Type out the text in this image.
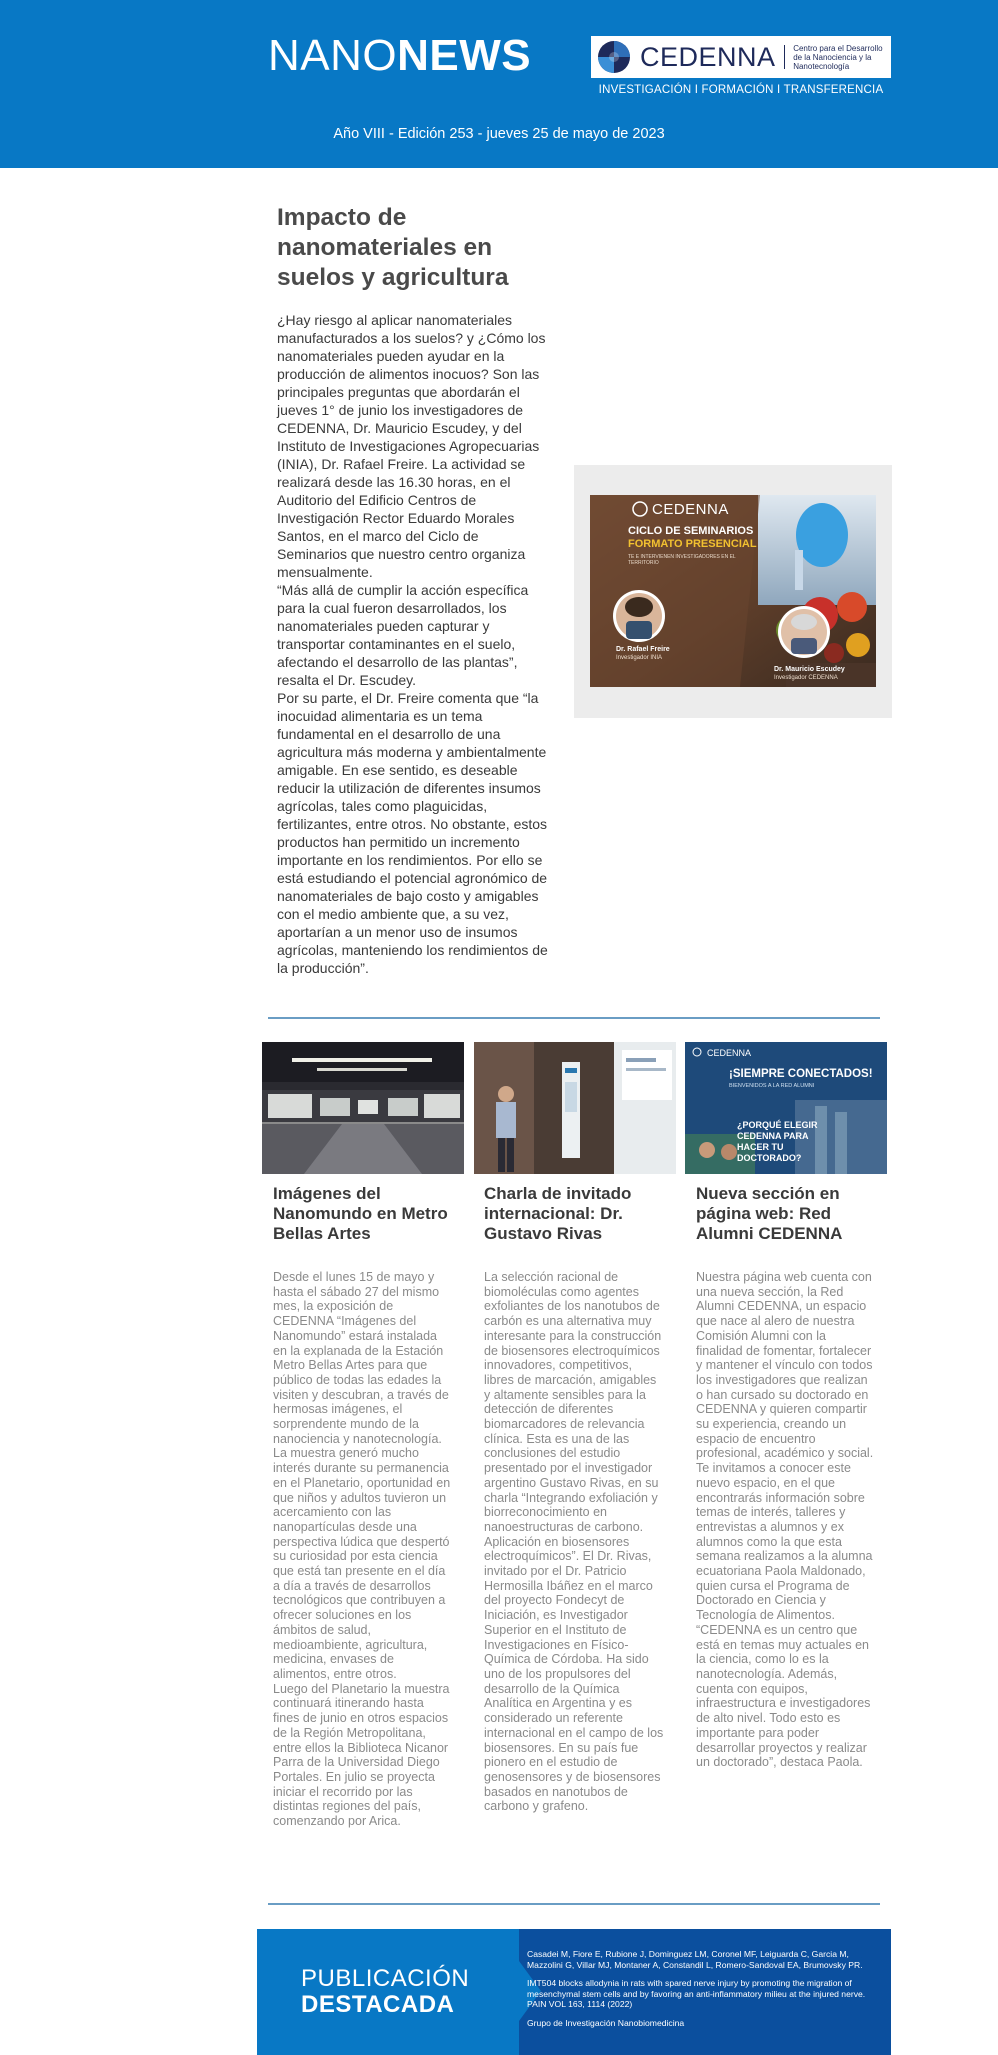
NANONEWS	CEDENNA Centro para el Desarrollo de la Nanociencia y la Nanotecnología
INVESTIGACIÓN I FORMACIÓN I TRANSFERENCIA
Año VIII - Edición 253 - jueves 25 de mayo de 2023
Impacto de nanomateriales en suelos y agricultura

¿Hay riesgo al aplicar nanomateriales manufacturados a los suelos? y ¿Cómo los nanomateriales pueden ayudar en la producción de alimentos inocuos? Son las principales preguntas que abordarán el jueves 1° de junio los investigadores de CEDENNA, Dr. Mauricio Escudey, y del Instituto de Investigaciones Agropecuarias (INIA), Dr. Rafael Freire. La actividad se realizará desde las 16.30 horas, en el Auditorio del Edificio Centros de Investigación Rector Eduardo Morales Santos, en el marco del Ciclo de Seminarios que nuestro centro organiza mensualmente.

“Más allá de cumplir la acción específica para la cual fueron desarrollados, los nanomateriales pueden capturar y transportar contaminantes en el suelo, afectando el desarrollo de las plantas”, resalta el Dr. Escudey.

Por su parte, el Dr. Freire comenta que “la inocuidad alimentaria es un tema fundamental en el desarrollo de una agricultura más moderna y ambientalmente amigable. En ese sentido, es deseable reducir la utilización de diferentes insumos agrícolas, tales como plaguicidas, fertilizantes, entre otros. No obstante, estos productos han permitido un incremento importante en los rendimientos. Por ello se está estudiando el potencial agronómico de nanomateriales de bajo costo y amigables con el medio ambiente que, a su vez, aportarían a un menor uso de insumos agrícolas, manteniendo los rendimientos de la producción”.

CEDENNA
CICLO DE SEMINARIOS
FORMATO PRESENCIAL
TE E INTERVIENEN INVESTIGADORES EN EL TERRITORIO
Dr. Rafael Freire
Investigador INIA
Dr. Mauricio Escudey
Investigador CEDENNA
Imágenes del Nanomundo en Metro Bellas Artes

Desde el lunes 15 de mayo y hasta el sábado 27 del mismo mes, la exposición de CEDENNA “Imágenes del Nanomundo” estará instalada en la explanada de la Estación Metro Bellas Artes para que público de todas las edades la visiten y descubran, a través de hermosas imágenes, el sorprendente mundo de la nanociencia y nanotecnología. La muestra generó mucho interés durante su permanencia en el Planetario, oportunidad en que niños y adultos tuvieron un acercamiento con las nanopartículas desde una perspectiva lúdica que despertó su curiosidad por esta ciencia que está tan presente en el día a día a través de desarrollos tecnológicos que contribuyen a ofrecer soluciones en los ámbitos de salud, medioambiente, agricultura, medicina, envases de alimentos, entre otros.

Luego del Planetario la muestra continuará itinerando hasta fines de junio en otros espacios de la Región Metropolitana, entre ellos la Biblioteca Nicanor Parra de la Universidad Diego Portales. En julio se proyecta iniciar el recorrido por las distintas regiones del país, comenzando por Arica.

Charla de invitado internacional: Dr. Gustavo Rivas

La selección racional de biomoléculas como agentes exfoliantes de los nanotubos de carbón es una alternativa muy interesante para la construcción de biosensores electroquímicos innovadores, competitivos, libres de marcación, amigables y altamente sensibles para la detección de diferentes biomarcadores de relevancia clínica. Esta es una de las conclusiones del estudio presentado por el investigador argentino Gustavo Rivas, en su charla “Integrando exfoliación y biorreconocimiento en nanoestructuras de carbono. Aplicación en biosensores electroquímicos”. El Dr. Rivas, invitado por el Dr. Patricio Hermosilla Ibáñez en el marco del proyecto Fondecyt de Iniciación, es Investigador Superior en el Instituto de Investigaciones en Físico-Química de Córdoba. Ha sido uno de los propulsores del desarrollo de la Química Analítica en Argentina y es considerado un referente internacional en el campo de los biosensores. En su país fue pionero en el estudio de genosensores y de biosensores basados en nanotubos de carbono y grafeno.

CEDENNA
¡SIEMPRE CONECTADOS!
BIENVENIDOS A LA RED ALUMNI
¿PORQUÉ ELEGIR CEDENNA PARA HACER TU DOCTORADO?
Nueva sección en página web: Red Alumni CEDENNA

Nuestra página web cuenta con una nueva sección, la Red Alumni CEDENNA, un espacio que nace al alero de nuestra Comisión Alumni con la finalidad de fomentar, fortalecer y mantener el vínculo con todos los investigadores que realizan o han cursado su doctorado en CEDENNA y quieren compartir su experiencia, creando un espacio de encuentro profesional, académico y social.

Te invitamos a conocer este nuevo espacio, en el que encontrarás información sobre temas de interés, talleres y entrevistas a alumnos y ex alumnos como la que esta semana realizamos a la alumna ecuatoriana Paola Maldonado, quien cursa el Programa de Doctorado en Ciencia y Tecnología de Alimentos. “CEDENNA es un centro que está en temas muy actuales en la ciencia, como lo es la nanotecnología. Además, cuenta con equipos, infraestructura e investigadores de alto nivel. Todo esto es importante para poder desarrollar proyectos y realizar un doctorado”, destaca Paola.

PUBLICACIÓN
DESTACADA

Casadei M, Fiore E, Rubione J, Dominguez LM, Coronel MF, Leiguarda C, Garcia M, Mazzolini G, Villar MJ, Montaner A, Constandil L, Romero-Sandoval EA, Brumovsky PR.

IMT504 blocks allodynia in rats with spared nerve injury by promoting the migration of mesenchymal stem cells and by favoring an anti-inflammatory milieu at the injured nerve. PAIN VOL 163, 1114 (2022)

Grupo de Investigación Nanobiomedicina
